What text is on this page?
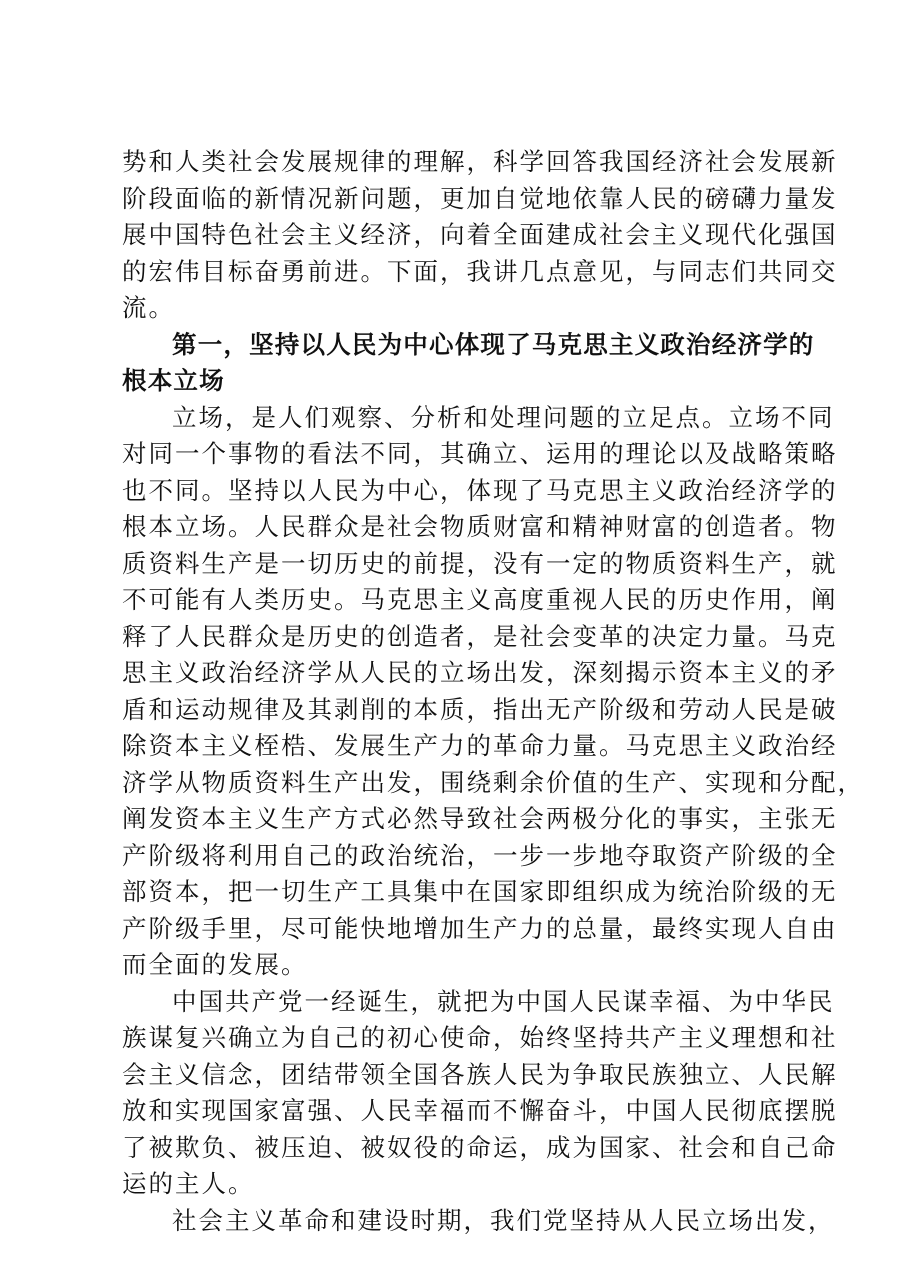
势和人类社会发展规律的理解，科学回答我国经济社会发展新
阶段面临的新情况新问题，更加自觉地依靠人民的磅礴力量发
展中国特色社会主义经济，向着全面建成社会主义现代化强国
的宏伟目标奋勇前进。下面，我讲几点意见，与同志们共同交
流。
第一，坚持以人民为中心体现了马克思主义政治经济学的
根本立场
立场，是人们观察、分析和处理问题的立足点。立场不同
对同一个事物的看法不同，其确立、运用的理论以及战略策略
也不同。坚持以人民为中心，体现了马克思主义政治经济学的
根本立场。人民群众是社会物质财富和精神财富的创造者。物
质资料生产是一切历史的前提，没有一定的物质资料生产，就
不可能有人类历史。马克思主义高度重视人民的历史作用，阐
释了人民群众是历史的创造者，是社会变革的决定力量。马克
思主义政治经济学从人民的立场出发，深刻揭示资本主义的矛
盾和运动规律及其剥削的本质，指出无产阶级和劳动人民是破
除资本主义桎梏、发展生产力的革命力量。马克思主义政治经
济学从物质资料生产出发，围绕剩余价值的生产、实现和分配，
阐发资本主义生产方式必然导致社会两极分化的事实，主张无
产阶级将利用自己的政治统治，一步一步地夺取资产阶级的全
部资本，把一切生产工具集中在国家即组织成为统治阶级的无
产阶级手里，尽可能快地增加生产力的总量，最终实现人自由
而全面的发展。
中国共产党一经诞生，就把为中国人民谋幸福、为中华民
族谋复兴确立为自己的初心使命，始终坚持共产主义理想和社
会主义信念，团结带领全国各族人民为争取民族独立、人民解
放和实现国家富强、人民幸福而不懈奋斗，中国人民彻底摆脱
了被欺负、被压迫、被奴役的命运，成为国家、社会和自己命
运的主人。
社会主义革命和建设时期，我们党坚持从人民立场出发，
